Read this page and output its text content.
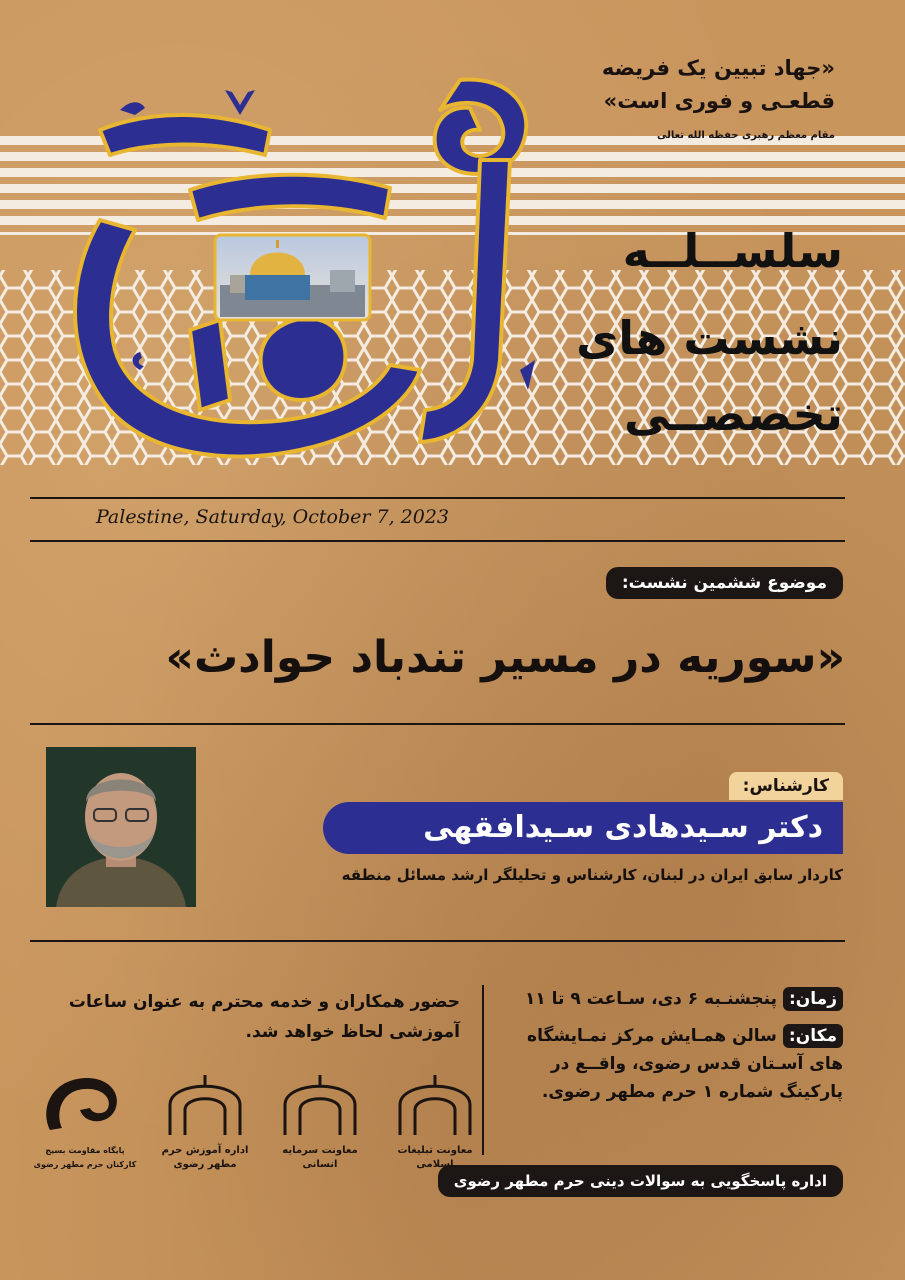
«جهاد تبیین یک فریضه
قطعـی و فوری است»
مقام معظم رهبری حفظه الله تعالی
سلســلــه
نشست های
تخصصــی
Palestine, Saturday, October 7, 2023
موضوع ششمین نشست:
«سوریه در مسیر تندباد حوادث»
کارشناس:
دکتر سـیدهادی سـیدافقهی
کاردار سابق ایران در لبنان، کارشناس و تحلیلگر ارشد مسائل منطقه
حضور همکاران و خدمه محترم به عنوان ساعات آموزشی لحاظ خواهد شد.
زمان:پنجشنـبه ۶ دی، سـاعت ۹ تا ۱۱
مکان:سالن همـایش مرکز نمـایشگاه های آسـتان قدس رضوی، واقــع در پارکینگ شماره ۱ حرم مطهر رضوی.
اداره پاسخگویی به سوالات دینی حرم مطهر رضوی
معاونت تبلیغات اسلامی
معاونت سرمایه انسانی
اداره آموزش حرم مطهر رضوی
پایگاه مقاومت بسیج کارکنان حرم مطهر رضوی
